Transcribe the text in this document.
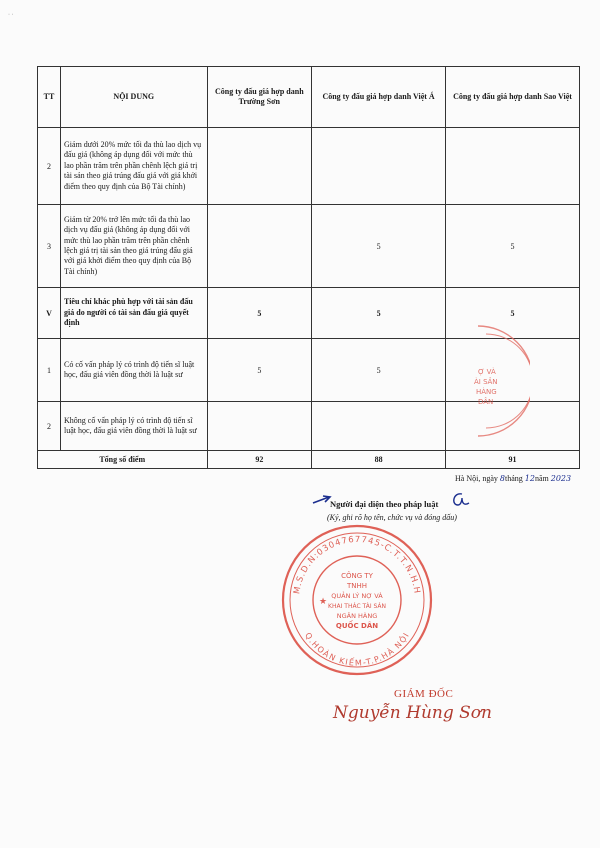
· ·
TT	NỘI DUNG	Công ty đấu giá hợp danh Trường Sơn	Công ty đấu giá hợp danh Việt Á	Công ty đấu giá hợp danh Sao Việt
2	Giảm dưới 20% mức tối đa thù lao dịch vụ đấu giá (không áp dụng đối với mức thù lao phần trăm trên phần chênh lệch giá trị tài sản theo giá trúng đấu giá với giá khởi điểm theo quy định của Bộ Tài chính)			
3	Giảm từ 20% trở lên mức tối đa thù lao dịch vụ đấu giá (không áp dụng đối với mức thù lao phần trăm trên phần chênh lệch giá trị tài sản theo giá trúng đấu giá với giá khởi điểm theo quy định của Bộ Tài chính)		5	5
V	Tiêu chí khác phù hợp với tài sản đấu giá do người có tài sản đấu giá quyết định	5	5	5
1	Có cố vấn pháp lý có trình độ tiến sĩ luật học, đấu giá viên đồng thời là luật sư	5	5	
2	Không cố vấn pháp lý có trình độ tiến sĩ luật học, đấu giá viên đồng thời là luật sư			
Tổng số điểm		92	88	91
Ợ VÀ
ÀI SẢN
HÀNG
DÂN
Hà Nội, ngày 8tháng 12năm 2023
Người đại diện theo pháp luật
(Ký, ghi rõ họ tên, chức vụ và đóng dấu)
M.S.D.N:0304767745-C.T.T.N.H.H
Q.HOÀN KIẾM-T.P.HÀ NỘI
CÔNG TY
TNHH
QUẢN LÝ NỢ VÀ
KHAI THÁC TÀI SẢN
NGÂN HÀNG
QUỐC DÂN
★
GIÁM ĐỐC
Nguyễn Hùng Sơn
